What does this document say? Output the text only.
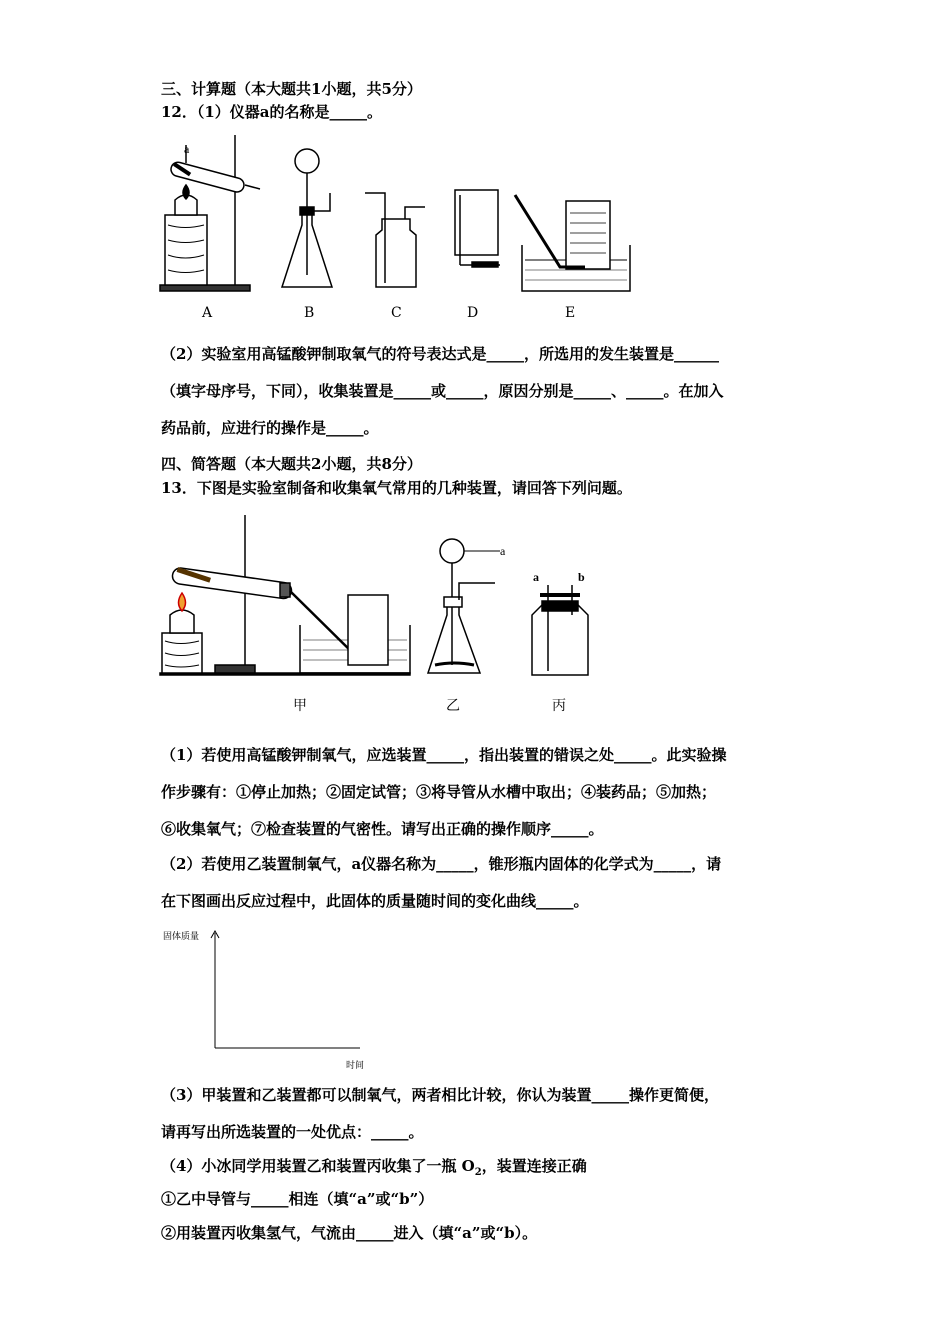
三、计算题（本大题共1小题，共5分）
12．（1）仪器a的名称是_____。
a
A	B	C	D	E
（2）实验室用高锰酸钾制取氧气的符号表达式是_____，所选用的发生装置是______
（填字母序号，下同），收集装置是_____或_____，原因分别是_____、_____。在加入
药品前，应进行的操作是_____。
四、简答题（本大题共2小题，共8分）
13．下图是实验室制备和收集氧气常用的几种装置，请回答下列问题。
a
a	b
甲	乙	丙
（1）若使用高锰酸钾制氧气，应选装置_____，指出装置的错误之处_____。此实验操
作步骤有：①停止加热；②固定试管；③将导管从水槽中取出；④装药品；⑤加热；
⑥收集氧气；⑦检查装置的气密性。请写出正确的操作顺序_____。
（2）若使用乙装置制氧气，a仪器名称为_____，锥形瓶内固体的化学式为_____，请
在下图画出反应过程中，此固体的质量随时间的变化曲线_____。
固体质量
时间
（3）甲装置和乙装置都可以制氧气，两者相比计较，你认为装置_____操作更简便，
请再写出所选装置的一处优点：_____。
（4）小冰同学用装置乙和装置丙收集了一瓶 $O_2$，装置连接正确
①乙中导管与_____相连（填“a”或“b”）
②用装置丙收集氢气，气流由_____进入（填“a”或“b）。
